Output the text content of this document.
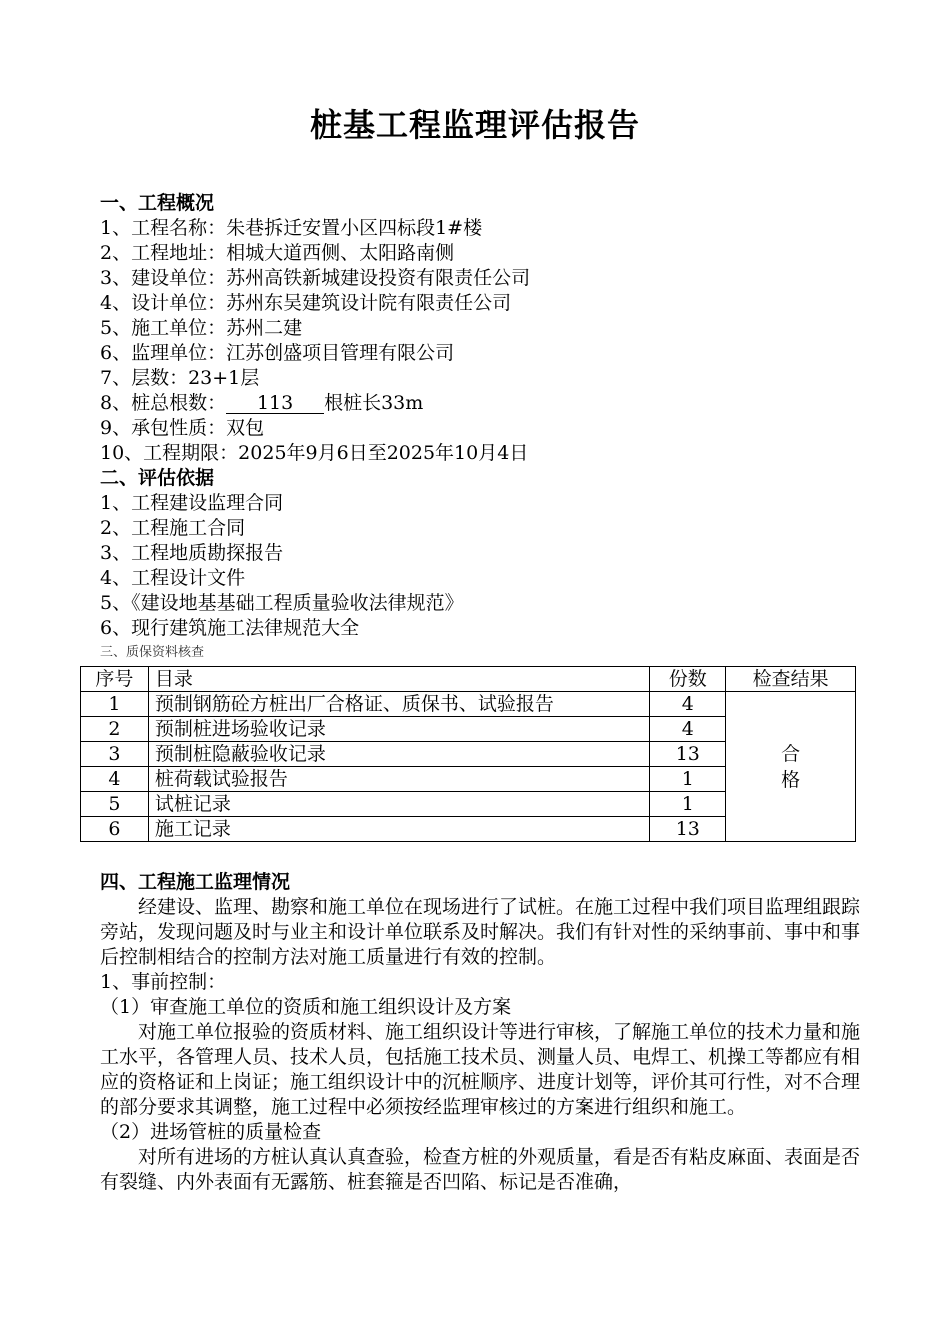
桩基工程监理评估报告
一、工程概况
1、工程名称：朱巷拆迁安置小区四标段1#楼
2、工程地址：相城大道西侧、太阳路南侧
3、建设单位：苏州高铁新城建设投资有限责任公司
4、设计单位：苏州东吴建筑设计院有限责任公司
5、施工单位：苏州二建
6、监理单位：江苏创盛项目管理有限公司
7、层数：23+1层
8、桩总根数： 113 根桩长33m
9、承包性质：双包
10、工程期限：2025年9月6日至2025年10月4日
二、评估依据
1、工程建设监理合同
2、工程施工合同
3、工程地质勘探报告
4、工程设计文件
5、《建设地基基础工程质量验收法律规范》
6、现行建筑施工法律规范大全
三、质保资料核查
序号	目录	份数	检查结果
1	预制钢筋砼方桩出厂合格证、质保书、试验报告	4	合
格

2	预制桩进场验收记录	4	
3	预制桩隐蔽验收记录	13	
4	桩荷载试验报告	1	
5	试桩记录	1	
6	施工记录	13	
四、工程施工监理情况
经建设、监理、勘察和施工单位在现场进行了试桩。在施工过程中我们项目监理组跟踪旁站，发现问题及时与业主和设计单位联系及时解决。我们有针对性的采纳事前、事中和事后控制相结合的控制方法对施工质量进行有效的控制。
1、事前控制：
（1）审查施工单位的资质和施工组织设计及方案
对施工单位报验的资质材料、施工组织设计等进行审核，了解施工单位的技术力量和施工水平，各管理人员、技术人员，包括施工技术员、测量人员、电焊工、机操工等都应有相应的资格证和上岗证；施工组织设计中的沉桩顺序、进度计划等，评价其可行性，对不合理的部分要求其调整，施工过程中必须按经监理审核过的方案进行组织和施工。
（2）进场管桩的质量检查
对所有进场的方桩认真认真查验，检查方桩的外观质量，看是否有粘皮麻面、表面是否有裂缝、内外表面有无露筋、桩套箍是否凹陷、标记是否准确，
